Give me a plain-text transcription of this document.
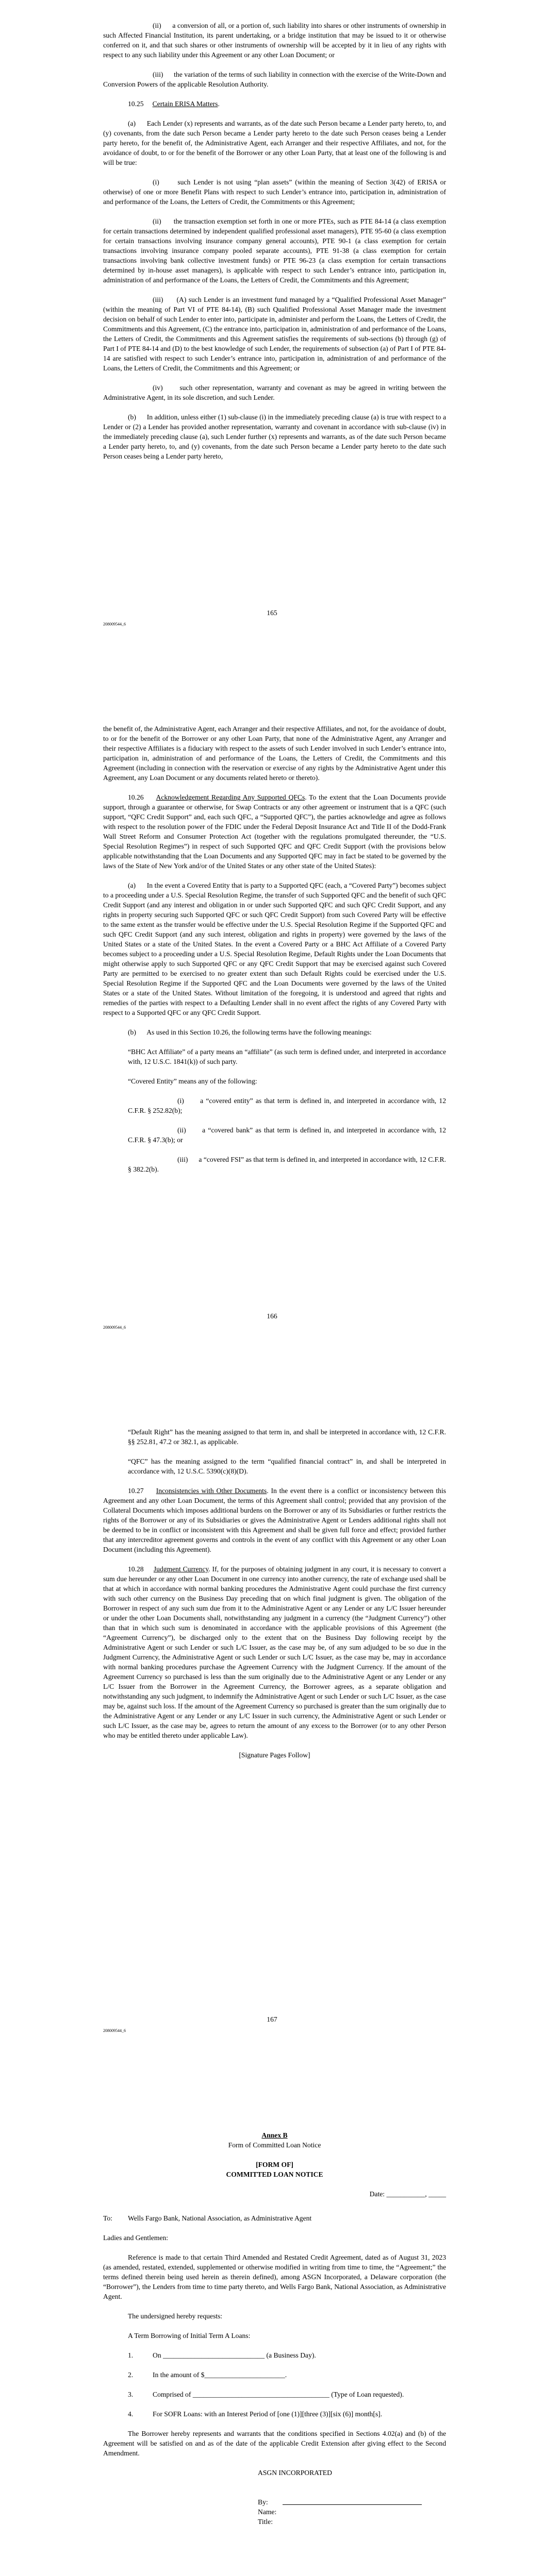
(ii)      a conversion of all, or a portion of, such liability into shares or other instruments of ownership in such Affected Financial Institution, its parent undertaking, or a bridge institution that may be issued to it or otherwise conferred on it, and that such shares or other instruments of ownership will be accepted by it in lieu of any rights with respect to any such liability under this Agreement or any other Loan Document; or

(iii)      the variation of the terms of such liability in connection with the exercise of the Write-Down and Conversion Powers of the applicable Resolution Authority.

10.25 Certain ERISA Matters.

(a)      Each Lender (x) represents and warrants, as of the date such Person became a Lender party hereto, to, and (y) covenants, from the date such Person became a Lender party hereto to the date such Person ceases being a Lender party hereto, for the benefit of, the Administrative Agent, each Arranger and their respective Affiliates, and not, for the avoidance of doubt, to or for the benefit of the Borrower or any other Loan Party, that at least one of the following is and will be true:

(i)      such Lender is not using “plan assets” (within the meaning of Section 3(42) of ERISA or otherwise) of one or more Benefit Plans with respect to such Lender’s entrance into, participation in, administration of and performance of the Loans, the Letters of Credit, the Commitments or this Agreement;

(ii)      the transaction exemption set forth in one or more PTEs, such as PTE 84-14 (a class exemption for certain transactions determined by independent qualified professional asset managers), PTE 95-60 (a class exemption for certain transactions involving insurance company general accounts), PTE 90-1 (a class exemption for certain transactions involving insurance company pooled separate accounts), PTE 91-38 (a class exemption for certain transactions involving bank collective investment funds) or PTE 96-23 (a class exemption for certain transactions determined by in-house asset managers), is applicable with respect to such Lender’s entrance into, participation in, administration of and performance of the Loans, the Letters of Credit, the Commitments and this Agreement;

(iii)      (A) such Lender is an investment fund managed by a “Qualified Professional Asset Manager” (within the meaning of Part VI of PTE 84-14), (B) such Qualified Professional Asset Manager made the investment decision on behalf of such Lender to enter into, participate in, administer and perform the Loans, the Letters of Credit, the Commitments and this Agreement, (C) the entrance into, participation in, administration of and performance of the Loans, the Letters of Credit, the Commitments and this Agreement satisfies the requirements of sub-sections (b) through (g) of Part I of PTE 84-14 and (D) to the best knowledge of such Lender, the requirements of subsection (a) of Part I of PTE 84-14 are satisfied with respect to such Lender’s entrance into, participation in, administration of and performance of the Loans, the Letters of Credit, the Commitments and this Agreement; or

(iv)      such other representation, warranty and covenant as may be agreed in writing between the Administrative Agent, in its sole discretion, and such Lender.

(b)      In addition, unless either (1) sub-clause (i) in the immediately preceding clause (a) is true with respect to a Lender or (2) a Lender has provided another representation, warranty and covenant in accordance with sub-clause (iv) in the immediately preceding clause (a), such Lender further (x) represents and warrants, as of the date such Person became a Lender party hereto, to, and (y) covenants, from the date such Person became a Lender party hereto to the date such Person ceases being a Lender party hereto,

165
208009544_6

the benefit of, the Administrative Agent, each Arranger and their respective Affiliates, and not, for the avoidance of doubt, to or for the benefit of the Borrower or any other Loan Party, that none of the Administrative Agent, any Arranger and their respective Affiliates is a fiduciary with respect to the assets of such Lender involved in such Lender’s entrance into, participation in, administration of and performance of the Loans, the Letters of Credit, the Commitments and this Agreement (including in connection with the reservation or exercise of any rights by the Administrative Agent under this Agreement, any Loan Document or any documents related hereto or thereto).

10.26 Acknowledgement Regarding Any Supported QFCs. To the extent that the Loan Documents provide support, through a guarantee or otherwise, for Swap Contracts or any other agreement or instrument that is a QFC (such support, “QFC Credit Support” and, each such QFC, a “Supported QFC”), the parties acknowledge and agree as follows with respect to the resolution power of the FDIC under the Federal Deposit Insurance Act and Title II of the Dodd-Frank Wall Street Reform and Consumer Protection Act (together with the regulations promulgated thereunder, the “U.S. Special Resolution Regimes”) in respect of such Supported QFC and QFC Credit Support (with the provisions below applicable notwithstanding that the Loan Documents and any Supported QFC may in fact be stated to be governed by the laws of the State of New York and/or of the United States or any other state of the United States):

(a)      In the event a Covered Entity that is party to a Supported QFC (each, a “Covered Party”) becomes subject to a proceeding under a U.S. Special Resolution Regime, the transfer of such Supported QFC and the benefit of such QFC Credit Support (and any interest and obligation in or under such Supported QFC and such QFC Credit Support, and any rights in property securing such Supported QFC or such QFC Credit Support) from such Covered Party will be effective to the same extent as the transfer would be effective under the U.S. Special Resolution Regime if the Supported QFC and such QFC Credit Support (and any such interest, obligation and rights in property) were governed by the laws of the United States or a state of the United States. In the event a Covered Party or a BHC Act Affiliate of a Covered Party becomes subject to a proceeding under a U.S. Special Resolution Regime, Default Rights under the Loan Documents that might otherwise apply to such Supported QFC or any QFC Credit Support that may be exercised against such Covered Party are permitted to be exercised to no greater extent than such Default Rights could be exercised under the U.S. Special Resolution Regime if the Supported QFC and the Loan Documents were governed by the laws of the United States or a state of the United States. Without limitation of the foregoing, it is understood and agreed that rights and remedies of the parties with respect to a Defaulting Lender shall in no event affect the rights of any Covered Party with respect to a Supported QFC or any QFC Credit Support.

(b)      As used in this Section 10.26, the following terms have the following meanings:

“BHC Act Affiliate” of a party means an “affiliate” (as such term is defined under, and interpreted in accordance with, 12 U.S.C. 1841(k)) of such party.

“Covered Entity” means any of the following:

(i)      a “covered entity” as that term is defined in, and interpreted in accordance with, 12 C.F.R. § 252.82(b);

(ii)      a “covered bank” as that term is defined in, and interpreted in accordance with, 12 C.F.R. § 47.3(b); or

(iii)      a “covered FSI” as that term is defined in, and interpreted in accordance with, 12 C.F.R. § 382.2(b).

166
208009544_6

“Default Right” has the meaning assigned to that term in, and shall be interpreted in accordance with, 12 C.F.R. §§ 252.81, 47.2 or 382.1, as applicable.

“QFC” has the meaning assigned to the term “qualified financial contract” in, and shall be interpreted in accordance with, 12 U.S.C. 5390(c)(8)(D).

10.27 Inconsistencies with Other Documents. In the event there is a conflict or inconsistency between this Agreement and any other Loan Document, the terms of this Agreement shall control; provided that any provision of the Collateral Documents which imposes additional burdens on the Borrower or any of its Subsidiaries or further restricts the rights of the Borrower or any of its Subsidiaries or gives the Administrative Agent or Lenders additional rights shall not be deemed to be in conflict or inconsistent with this Agreement and shall be given full force and effect; provided further that any intercreditor agreement governs and controls in the event of any conflict with this Agreement or any other Loan Document (including this Agreement).

10.28 Judgment Currency. If, for the purposes of obtaining judgment in any court, it is necessary to convert a sum due hereunder or any other Loan Document in one currency into another currency, the rate of exchange used shall be that at which in accordance with normal banking procedures the Administrative Agent could purchase the first currency with such other currency on the Business Day preceding that on which final judgment is given. The obligation of the Borrower in respect of any such sum due from it to the Administrative Agent or any Lender or any L/C Issuer hereunder or under the other Loan Documents shall, notwithstanding any judgment in a currency (the “Judgment Currency”) other than that in which such sum is denominated in accordance with the applicable provisions of this Agreement (the “Agreement Currency”), be discharged only to the extent that on the Business Day following receipt by the Administrative Agent or such Lender or such L/C Issuer, as the case may be, of any sum adjudged to be so due in the Judgment Currency, the Administrative Agent or such Lender or such L/C Issuer, as the case may be, may in accordance with normal banking procedures purchase the Agreement Currency with the Judgment Currency. If the amount of the Agreement Currency so purchased is less than the sum originally due to the Administrative Agent or any Lender or any L/C Issuer from the Borrower in the Agreement Currency, the Borrower agrees, as a separate obligation and notwithstanding any such judgment, to indemnify the Administrative Agent or such Lender or such L/C Issuer, as the case may be, against such loss. If the amount of the Agreement Currency so purchased is greater than the sum originally due to the Administrative Agent or any Lender or any L/C Issuer in such currency, the Administrative Agent or such Lender or such L/C Issuer, as the case may be, agrees to return the amount of any excess to the Borrower (or to any other Person who may be entitled thereto under applicable Law).

[Signature Pages Follow]

167
208009544_6

Annex B

Form of Committed Loan Notice

[FORM OF]

COMMITTED LOAN NOTICE

Date: ___________, _____

To:	Wells Fargo Bank, National Association, as Administrative Agent

Ladies and Gentlemen:

Reference is made to that certain Third Amended and Restated Credit Agreement, dated as of August 31, 2023 (as amended, restated, extended, supplemented or otherwise modified in writing from time to time, the “Agreement;” the terms defined therein being used herein as therein defined), among ASGN Incorporated, a Delaware corporation (the “Borrower”), the Lenders from time to time party thereto, and Wells Fargo Bank, National Association, as Administrative Agent.

The undersigned hereby requests:

A Term Borrowing of Initial Term A Loans:

1.	On _____________________________ (a Business Day).
2.	In the amount of $_______________________.
3.	Comprised of _______________________________________ (Type of Loan requested).
4.	For SOFR Loans: with an Interest Period of [one (1)][three (3)][six (6)] month[s].

The Borrower hereby represents and warrants that the conditions specified in Sections 4.02(a) and (b) of the Agreement will be satisfied on and as of the date of the applicable Credit Extension after giving effect to the Second Amendment.

ASGN INCORPORATED

By:
Name:
Title:
